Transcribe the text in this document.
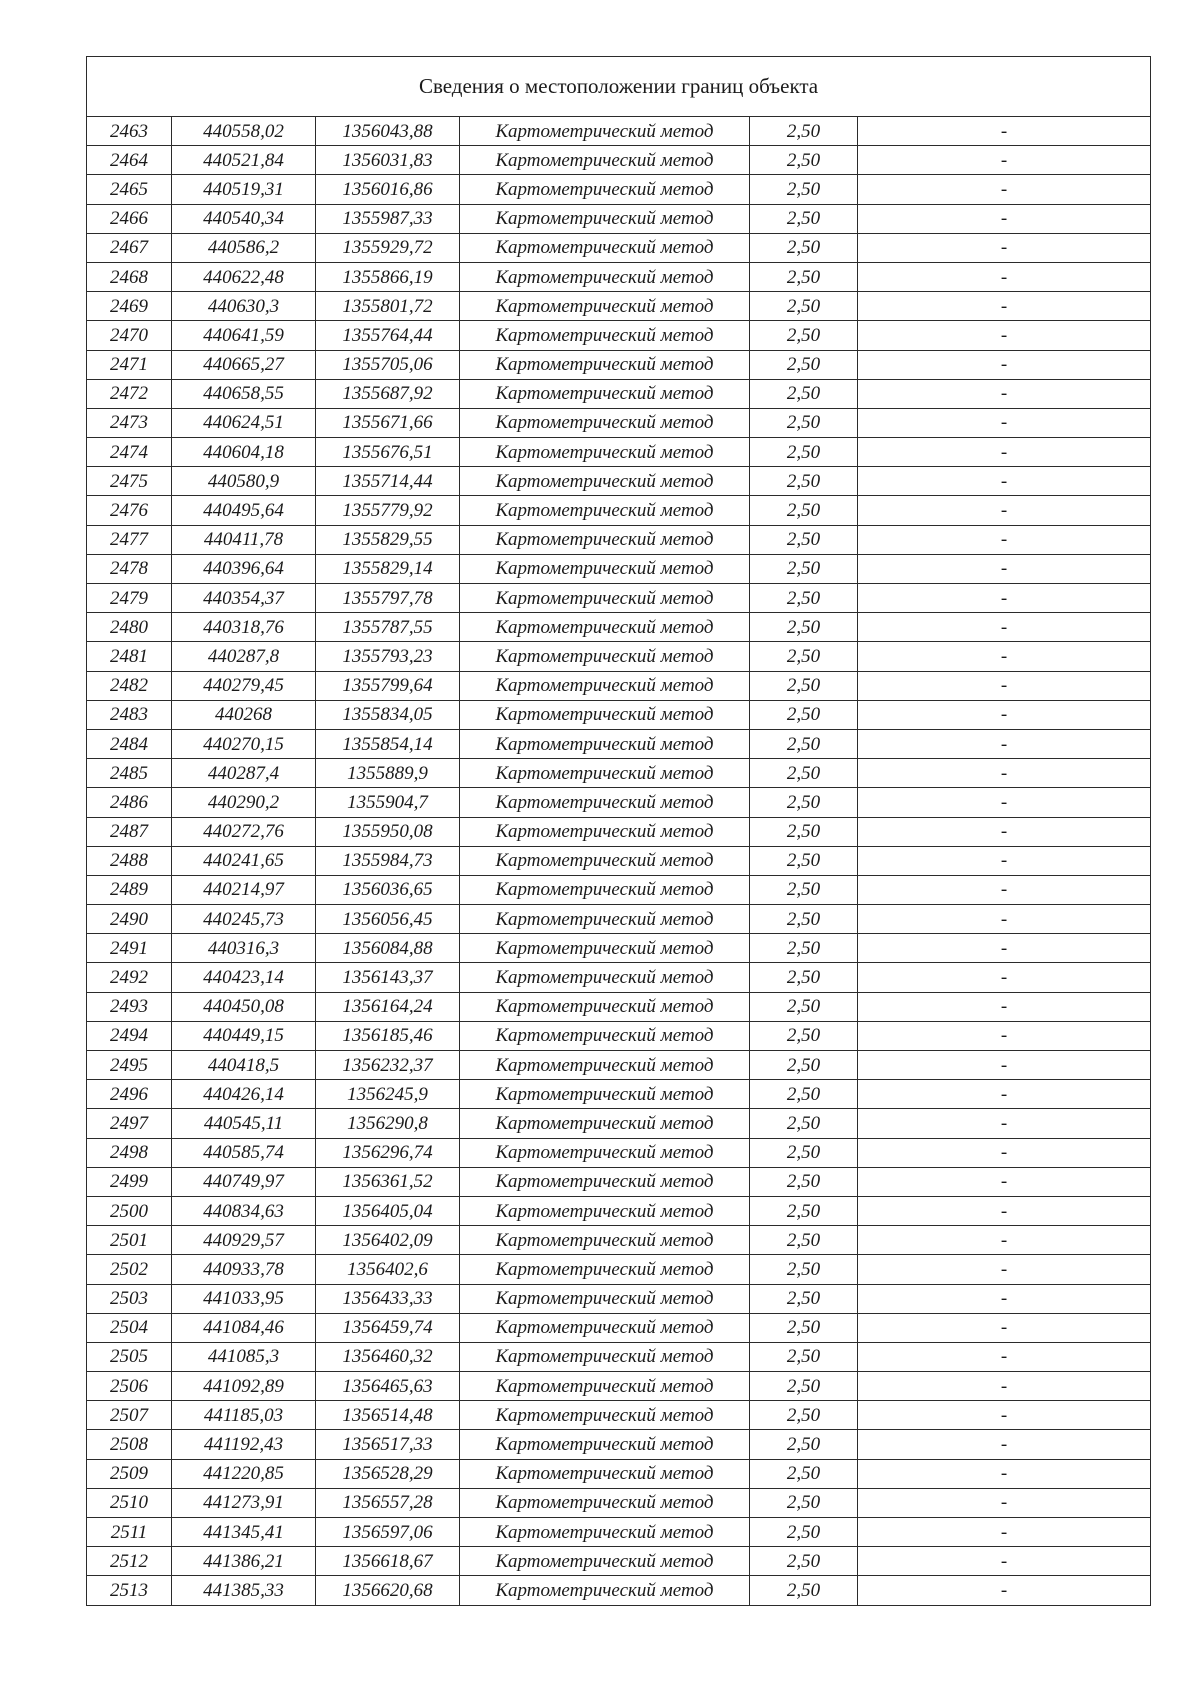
Сведения о местоположении границ объекта					
2463	440558,02	1356043,88	Картометрический метод	2,50	-
2464	440521,84	1356031,83	Картометрический метод	2,50	-
2465	440519,31	1356016,86	Картометрический метод	2,50	-
2466	440540,34	1355987,33	Картометрический метод	2,50	-
2467	440586,2	1355929,72	Картометрический метод	2,50	-
2468	440622,48	1355866,19	Картометрический метод	2,50	-
2469	440630,3	1355801,72	Картометрический метод	2,50	-
2470	440641,59	1355764,44	Картометрический метод	2,50	-
2471	440665,27	1355705,06	Картометрический метод	2,50	-
2472	440658,55	1355687,92	Картометрический метод	2,50	-
2473	440624,51	1355671,66	Картометрический метод	2,50	-
2474	440604,18	1355676,51	Картометрический метод	2,50	-
2475	440580,9	1355714,44	Картометрический метод	2,50	-
2476	440495,64	1355779,92	Картометрический метод	2,50	-
2477	440411,78	1355829,55	Картометрический метод	2,50	-
2478	440396,64	1355829,14	Картометрический метод	2,50	-
2479	440354,37	1355797,78	Картометрический метод	2,50	-
2480	440318,76	1355787,55	Картометрический метод	2,50	-
2481	440287,8	1355793,23	Картометрический метод	2,50	-
2482	440279,45	1355799,64	Картометрический метод	2,50	-
2483	440268	1355834,05	Картометрический метод	2,50	-
2484	440270,15	1355854,14	Картометрический метод	2,50	-
2485	440287,4	1355889,9	Картометрический метод	2,50	-
2486	440290,2	1355904,7	Картометрический метод	2,50	-
2487	440272,76	1355950,08	Картометрический метод	2,50	-
2488	440241,65	1355984,73	Картометрический метод	2,50	-
2489	440214,97	1356036,65	Картометрический метод	2,50	-
2490	440245,73	1356056,45	Картометрический метод	2,50	-
2491	440316,3	1356084,88	Картометрический метод	2,50	-
2492	440423,14	1356143,37	Картометрический метод	2,50	-
2493	440450,08	1356164,24	Картометрический метод	2,50	-
2494	440449,15	1356185,46	Картометрический метод	2,50	-
2495	440418,5	1356232,37	Картометрический метод	2,50	-
2496	440426,14	1356245,9	Картометрический метод	2,50	-
2497	440545,11	1356290,8	Картометрический метод	2,50	-
2498	440585,74	1356296,74	Картометрический метод	2,50	-
2499	440749,97	1356361,52	Картометрический метод	2,50	-
2500	440834,63	1356405,04	Картометрический метод	2,50	-
2501	440929,57	1356402,09	Картометрический метод	2,50	-
2502	440933,78	1356402,6	Картометрический метод	2,50	-
2503	441033,95	1356433,33	Картометрический метод	2,50	-
2504	441084,46	1356459,74	Картометрический метод	2,50	-
2505	441085,3	1356460,32	Картометрический метод	2,50	-
2506	441092,89	1356465,63	Картометрический метод	2,50	-
2507	441185,03	1356514,48	Картометрический метод	2,50	-
2508	441192,43	1356517,33	Картометрический метод	2,50	-
2509	441220,85	1356528,29	Картометрический метод	2,50	-
2510	441273,91	1356557,28	Картометрический метод	2,50	-
2511	441345,41	1356597,06	Картометрический метод	2,50	-
2512	441386,21	1356618,67	Картометрический метод	2,50	-
2513	441385,33	1356620,68	Картометрический метод	2,50	-
